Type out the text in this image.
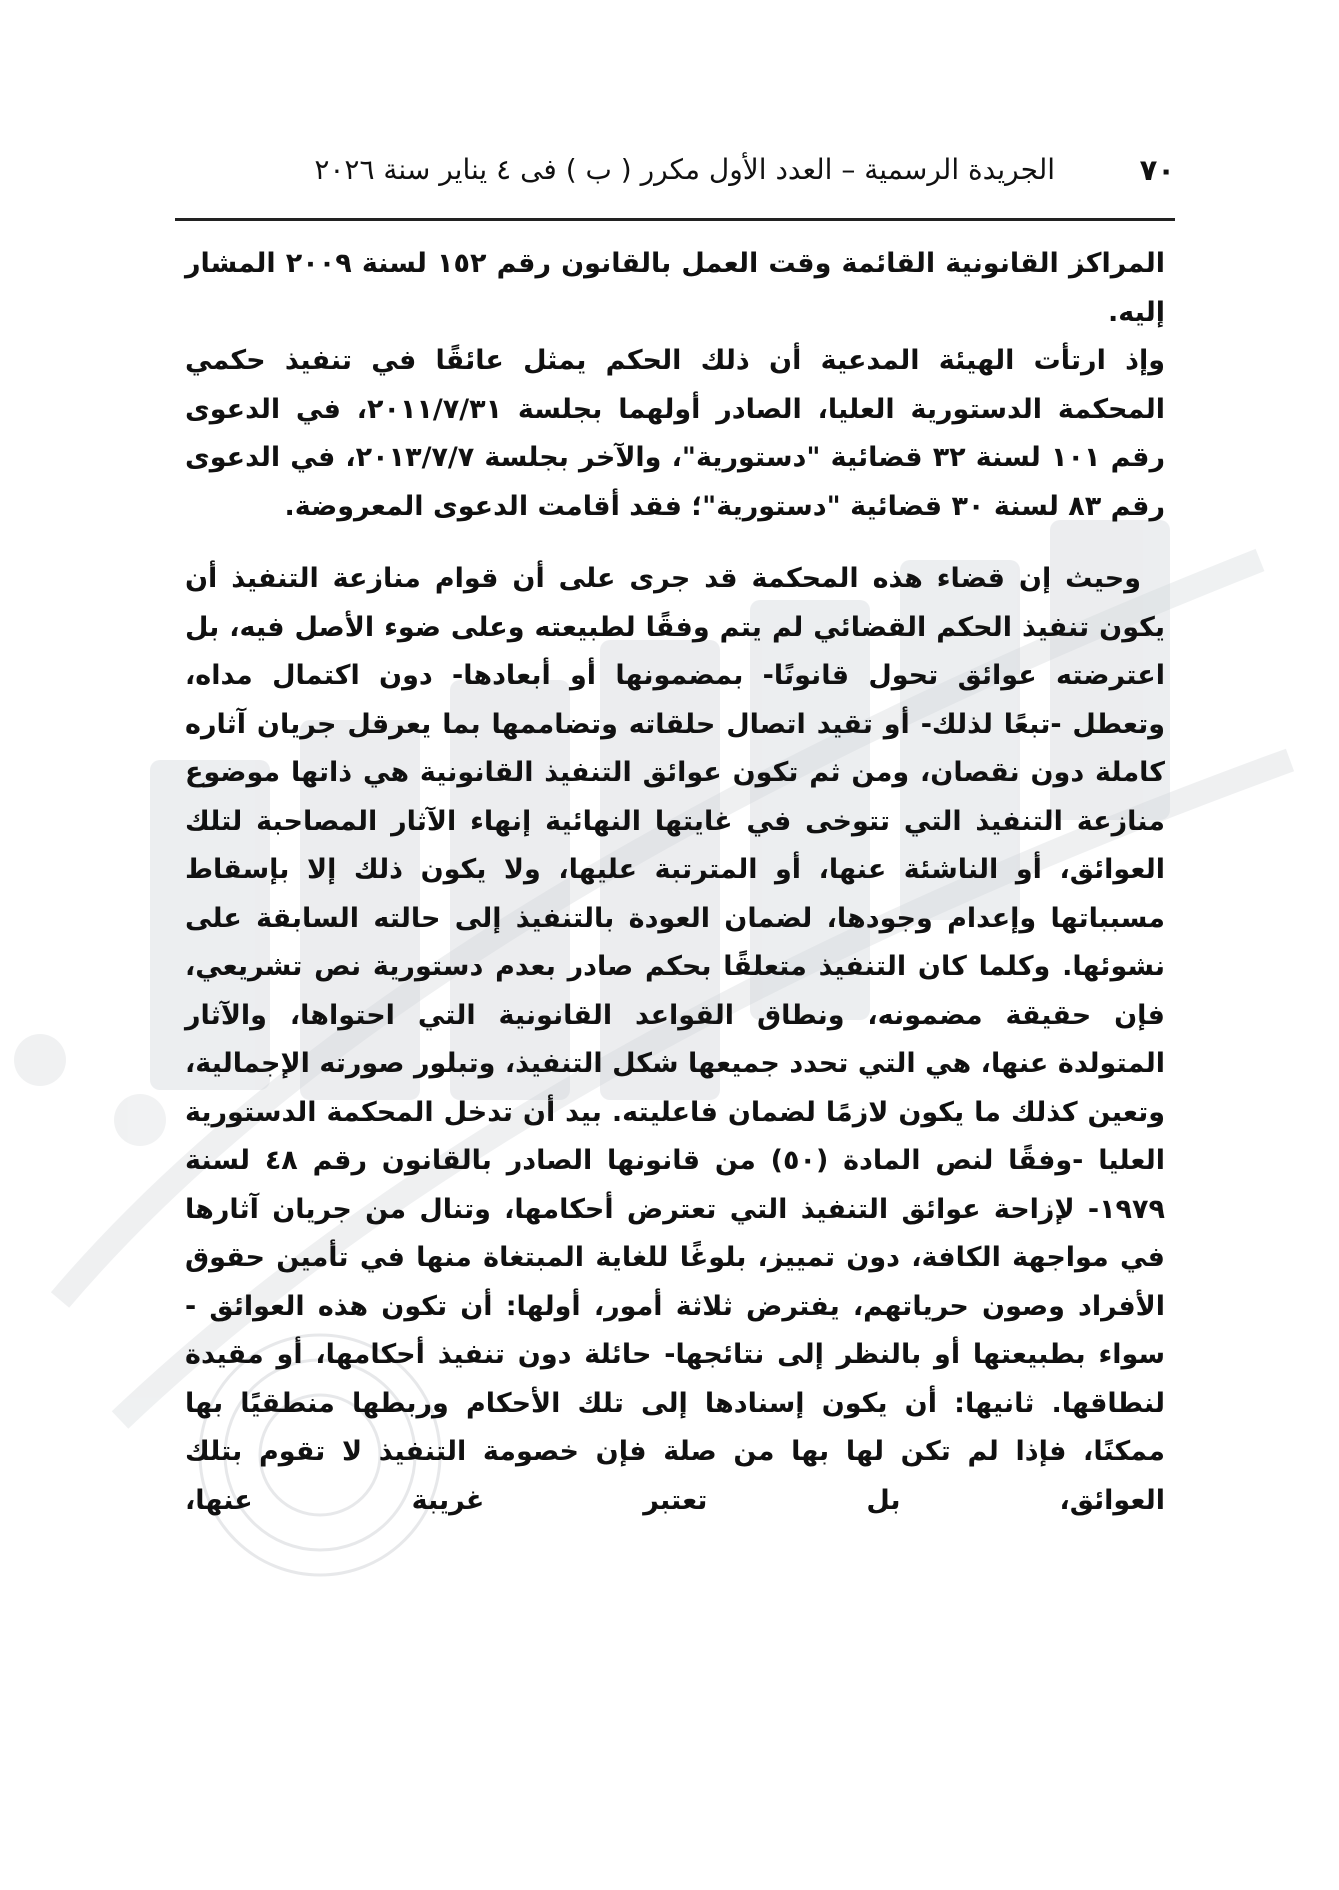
٧٠
الجريدة الرسمية – العدد الأول مكرر ( ب ) فى ٤ يناير سنة ٢٠٢٦

المراكز القانونية القائمة وقت العمل بالقانون رقم ١٥٢ لسنة ٢٠٠٩ المشار إليه.

وإذ ارتأت الهيئة المدعية أن ذلك الحكم يمثل عائقًا في تنفيذ حكمي المحكمة الدستورية العليا، الصادر أولهما بجلسة ٢٠١١/٧/٣١، في الدعوى رقم ١٠١ لسنة ٣٢ قضائية "دستورية"، والآخر بجلسة ٢٠١٣/٧/٧، في الدعوى رقم ٨٣ لسنة ٣٠ قضائية "دستورية"؛ فقد أقامت الدعوى المعروضة.

وحيث إن قضاء هذه المحكمة قد جرى على أن قوام منازعة التنفيذ أن يكون تنفيذ الحكم القضائي لم يتم وفقًا لطبيعته وعلى ضوء الأصل فيه، بل اعترضته عوائق تحول قانونًا- بمضمونها أو أبعادها- دون اكتمال مداه، وتعطل -تبعًا لذلك- أو تقيد اتصال حلقاته وتضاممها بما يعرقل جريان آثاره كاملة دون نقصان، ومن ثم تكون عوائق التنفيذ القانونية هي ذاتها موضوع منازعة التنفيذ التي تتوخى في غايتها النهائية إنهاء الآثار المصاحبة لتلك العوائق، أو الناشئة عنها، أو المترتبة عليها، ولا يكون ذلك إلا بإسقاط مسبباتها وإعدام وجودها، لضمان العودة بالتنفيذ إلى حالته السابقة على نشوئها. وكلما كان التنفيذ متعلقًا بحكم صادر بعدم دستورية نص تشريعي، فإن حقيقة مضمونه، ونطاق القواعد القانونية التي احتواها، والآثار المتولدة عنها، هي التي تحدد جميعها شكل التنفيذ، وتبلور صورته الإجمالية، وتعين كذلك ما يكون لازمًا لضمان فاعليته. بيد أن تدخل المحكمة الدستورية العليا -وفقًا لنص المادة (٥٠) من قانونها الصادر بالقانون رقم ٤٨ لسنة ١٩٧٩- لإزاحة عوائق التنفيذ التي تعترض أحكامها، وتنال من جريان آثارها في مواجهة الكافة، دون تمييز، بلوغًا للغاية المبتغاة منها في تأمين حقوق الأفراد وصون حرياتهم، يفترض ثلاثة أمور، أولها: أن تكون هذه العوائق - سواء بطبيعتها أو بالنظر إلى نتائجها- حائلة دون تنفيذ أحكامها، أو مقيدة لنطاقها. ثانيها: أن يكون إسنادها إلى تلك الأحكام وربطها منطقيًا بها ممكنًا، فإذا لم تكن لها بها من صلة فإن خصومة التنفيذ لا تقوم بتلك العوائق، بل تعتبر غريبة عنها،
